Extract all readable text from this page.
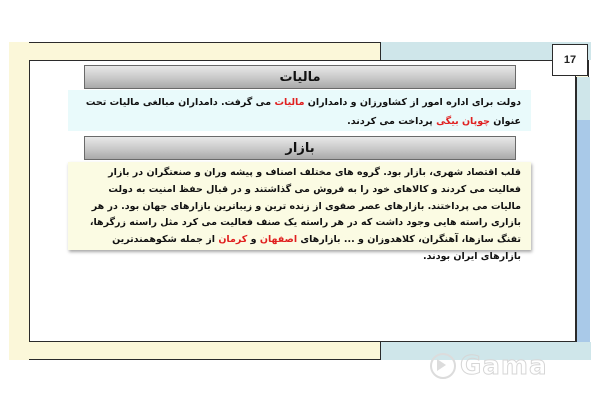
17
مالیات
دولت برای اداره امور از کشاورزان و دامداران مالیات می گرفت. دامداران مبالغی مالیات تحت عنوان چوپان بیگی پرداخت می کردند.
بازار
قلب اقتصاد شهری، بازار بود. گروه های مختلف اصناف و پیشه وران و صنعتگران در بازار فعالیت می کردند و کالاهای خود را به فروش می گذاشتند و در قبال حفظ امنیت به دولت مالیات می پرداختند. بازارهای عصر صفوی از زنده ترین و زیباترین بازارهای جهان بود. در هر بازاری راسته هایی وجود داشت که در هر راسته یک صنف فعالیت می کرد مثل راسته زرگرها، تفنگ سازها، آهنگران، کلاهدوزان و ... بازارهای اصفهان و کرمان از جمله شکوهمندترین بازارهای ایران بودند.
Gama
